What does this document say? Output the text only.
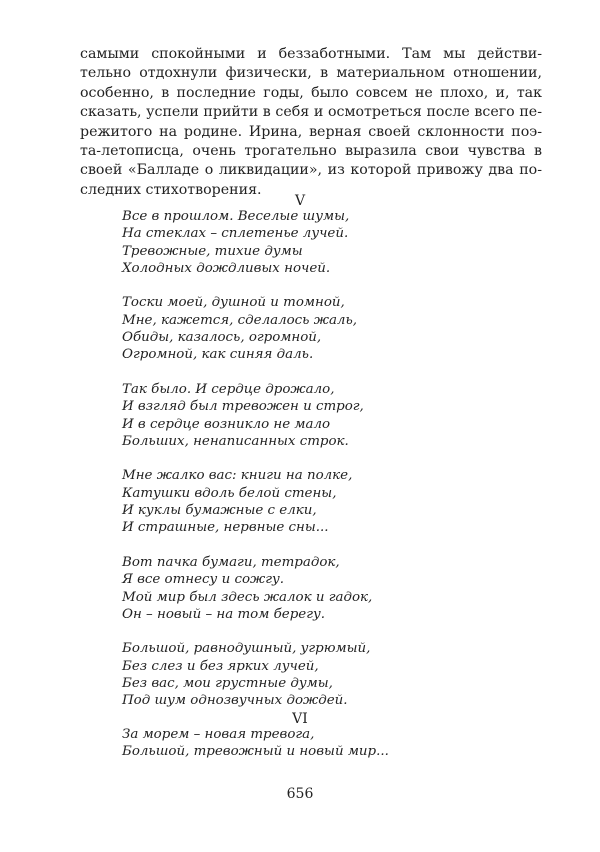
самыми спокойными и беззаботными. Там мы действи-
тельно отдохнули физически, в материальном отношении,
особенно, в последние годы, было совсем не плохо, и, так
сказать, успели прийти в себя и осмотреться после всего пе-
режитого на родине. Ирина, верная своей склонности поэ-
та-летописца, очень трогательно выразила свои чувства в
своей «Балладе о ликвидации», из которой привожу два по-
следних стихотворения.
V
Все в прошлом. Веселые шумы,
На стеклах – сплетенье лучей.
Тревожные, тихие думы
Холодных дождливых ночей.
Тоски моей, душной и томной,
Мне, кажется, сделалось жаль,
Обиды, казалось, огромной,
Огромной, как синяя даль.
Так было. И сердце дрожало,
И взгляд был тревожен и строг,
И в сердце возникло не мало
Больших, ненаписанных строк.
Мне жалко вас: книги на полке,
Катушки вдоль белой стены,
И куклы бумажные с елки,
И страшные, нервные сны...
Вот пачка бумаги, тетрадок,
Я все отнесу и сожгу.
Мой мир был здесь жалок и гадок,
Он – новый – на том берегу.
Большой, равнодушный, угрюмый,
Без слез и без ярких лучей,
Без вас, мои грустные думы,
Под шум однозвучных дождей.
VI
За морем – новая тревога,
Большой, тревожный и новый мир...
656
